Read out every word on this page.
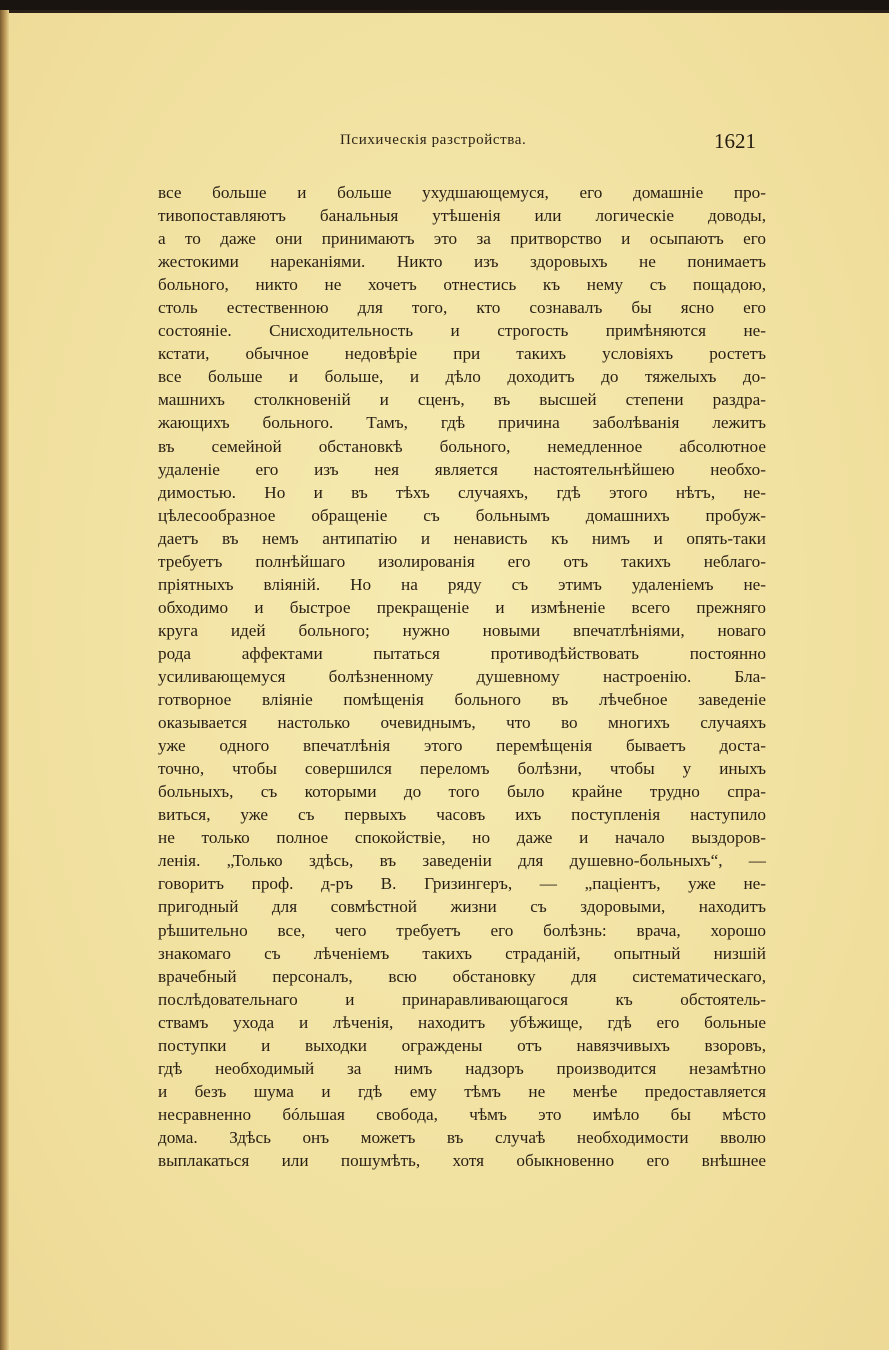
Психическія разстройства.	1621
все больше и больше ухудшающемуся, его домашніе про-
тивопоставляютъ банальныя утѣшенія или логическіе доводы,
а то даже они принимаютъ это за притворство и осыпаютъ его
жестокими нареканіями. Никто изъ здоровыхъ не понимаетъ
больного, никто не хочетъ отнестись къ нему съ пощадою,
столь естественною для того, кто сознавалъ бы ясно его
состояніе. Снисходительность и строгость примѣняются не-
кстати, обычное недовѣріе при такихъ условіяхъ ростетъ
все больше и больше, и дѣло доходитъ до тяжелыхъ до-
машнихъ столкновеній и сценъ, въ высшей степени раздра-
жающихъ больного. Тамъ, гдѣ причина заболѣванія лежитъ
въ семейной обстановкѣ больного, немедленное абсолютное
удаленіе его изъ нея является настоятельнѣйшею необхо-
димостью. Но и въ тѣхъ случаяхъ, гдѣ этого нѣтъ, не-
цѣлесообразное обращеніе съ больнымъ домашнихъ пробуж-
даетъ въ немъ антипатію и ненависть къ нимъ и опять-таки
требуетъ полнѣйшаго изолированія его отъ такихъ неблаго-
пріятныхъ вліяній. Но на ряду съ этимъ удаленіемъ не-
обходимо и быстрое прекращеніе и измѣненіе всего прежняго
круга идей больного; нужно новыми впечатлѣніями, новаго
рода аффектами пытаться противодѣйствовать постоянно
усиливающемуся болѣзненному душевному настроенію. Бла-
готворное вліяніе помѣщенія больного въ лѣчебное заведеніе
оказывается настолько очевиднымъ, что во многихъ случаяхъ
уже одного впечатлѣнія этого перемѣщенія бываетъ доста-
точно, чтобы совершился переломъ болѣзни, чтобы у иныхъ
больныхъ, съ которыми до того было крайне трудно спра-
виться, уже съ первыхъ часовъ ихъ поступленія наступило
не только полное спокойствіе, но даже и начало выздоров-
ленія. „Только здѣсь, въ заведеніи для душевно-больныхъ“, —
говоритъ проф. д-ръ В. Гризингеръ, — „паціентъ, уже не-
пригодный для совмѣстной жизни съ здоровыми, находитъ
рѣшительно все, чего требуетъ его болѣзнь: врача, хорошо
знакомаго съ лѣченіемъ такихъ страданій, опытный низшій
врачебный персоналъ, всю обстановку для систематическаго,
послѣдовательнаго и принаравливающагося къ обстоятель-
ствамъ ухода и лѣченія, находитъ убѣжище, гдѣ его больные
поступки и выходки ограждены отъ навязчивыхъ взоровъ,
гдѣ необходимый за нимъ надзоръ производится незамѣтно
и безъ шума и гдѣ ему тѣмъ не менѣе предоставляется
несравненно бóльшая свобода, чѣмъ это имѣло бы мѣсто
дома. Здѣсь онъ можетъ въ случаѣ необходимости вволю
выплакаться или пошумѣть, хотя обыкновенно его внѣшнее
